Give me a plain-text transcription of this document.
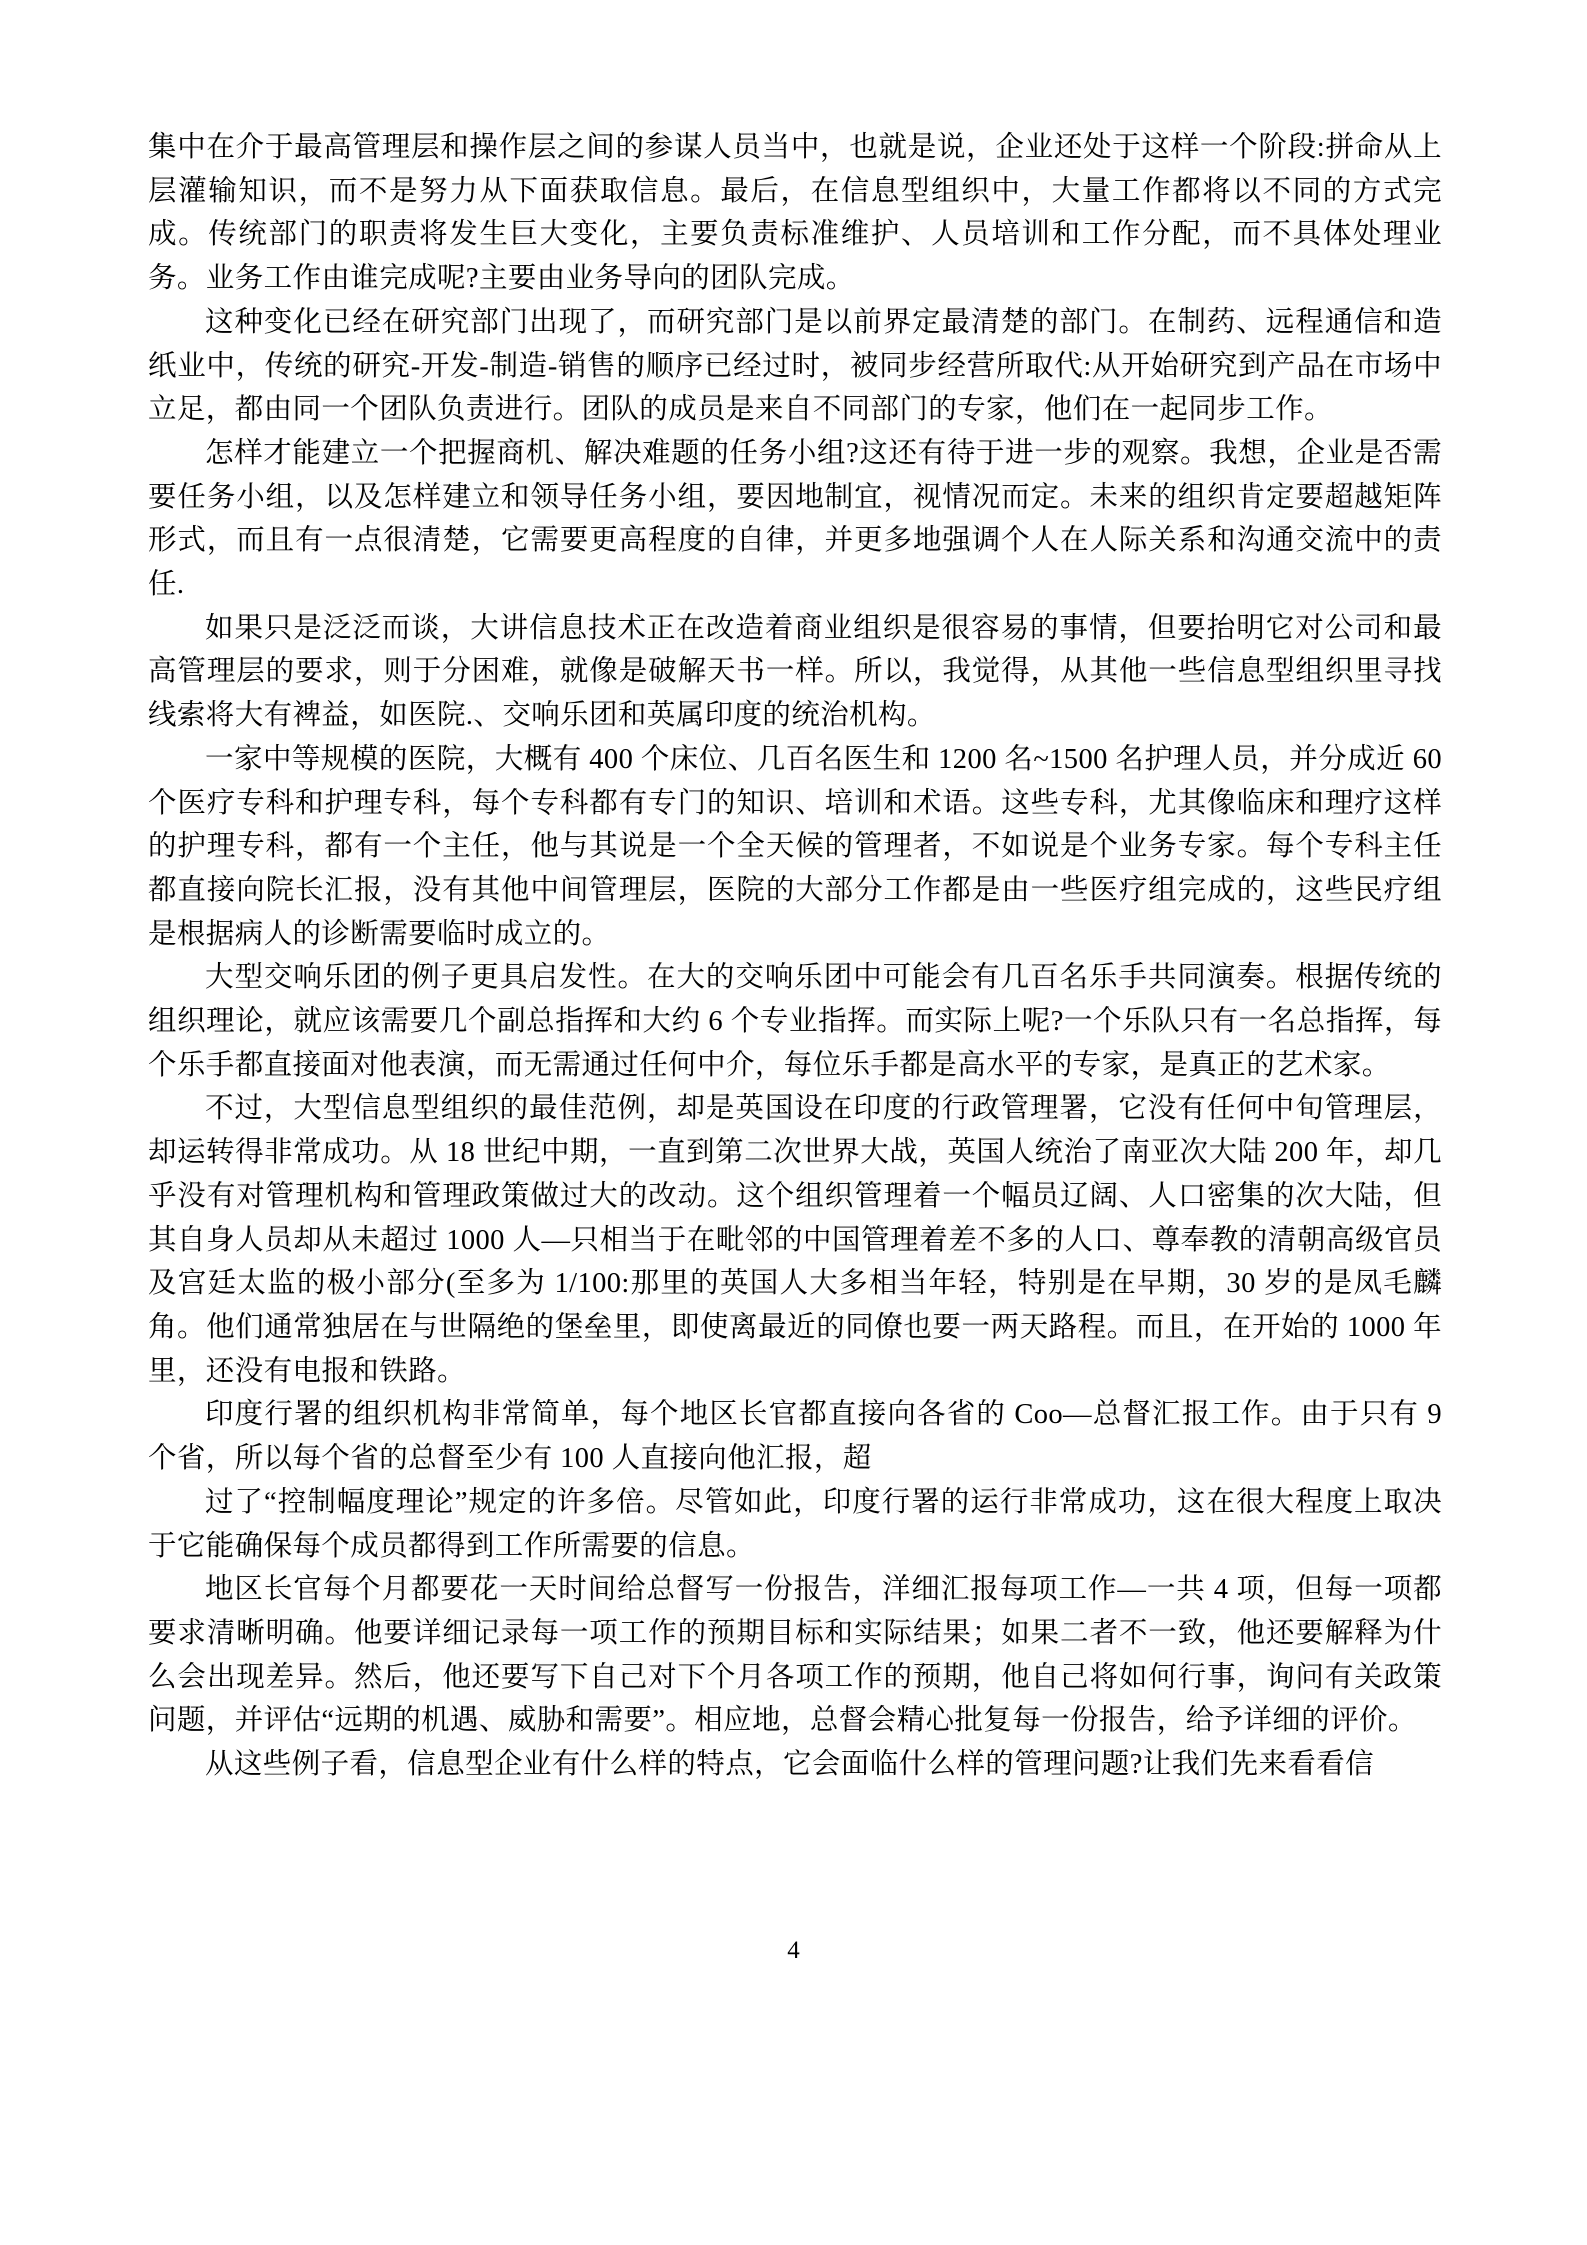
集中在介于最高管理层和操作层之间的参谋人员当中，也就是说，企业还处于这样一个阶段:拼命从上层灌输知识，而不是努力从下面获取信息。最后，在信息型组织中，大量工作都将以不同的方式完成。传统部门的职责将发生巨大变化，主要负责标准维护、人员培训和工作分配，而不具体处理业务。业务工作由谁完成呢?主要由业务导向的团队完成。

这种变化已经在研究部门出现了，而研究部门是以前界定最清楚的部门。在制药、远程通信和造纸业中，传统的研究-开发-制造-销售的顺序已经过时，被同步经营所取代:从开始研究到产品在市场中立足，都由同一个团队负责进行。团队的成员是来自不同部门的专家，他们在一起同步工作。

怎样才能建立一个把握商机、解决难题的任务小组?这还有待于进一步的观察。我想，企业是否需要任务小组，以及怎样建立和领导任务小组，要因地制宜，视情况而定。未来的组织肯定要超越矩阵形式，而且有一点很清楚，它需要更高程度的自律，并更多地强调个人在人际关系和沟通交流中的责任.

如果只是泛泛而谈，大讲信息技术正在改造着商业组织是很容易的事情，但要抬明它对公司和最高管理层的要求，则于分困难，就像是破解天书一样。所以，我觉得，从其他一些信息型组织里寻找线索将大有裨益，如医院.、交响乐团和英属印度的统治机构。

一家中等规模的医院，大概有 400 个床位、几百名医生和 1200 名~1500 名护理人员，并分成近 60 个医疗专科和护理专科，每个专科都有专门的知识、培训和术语。这些专科，尤其像临床和理疗这样的护理专科，都有一个主任，他与其说是一个全天候的管理者，不如说是个业务专家。每个专科主任都直接向院长汇报，没有其他中间管理层，医院的大部分工作都是由一些医疗组完成的，这些民疗组是根据病人的诊断需要临时成立的。

大型交响乐团的例子更具启发性。在大的交响乐团中可能会有几百名乐手共同演奏。根据传统的组织理论，就应该需要几个副总指挥和大约 6 个专业指挥。而实际上呢?一个乐队只有一名总指挥，每个乐手都直接面对他表演，而无需通过任何中介，每位乐手都是高水平的专家，是真正的艺术家。

不过，大型信息型组织的最佳范例，却是英国设在印度的行政管理署，它没有任何中旬管理层，却运转得非常成功。从 18 世纪中期，一直到第二次世界大战，英国人统治了南亚次大陆 200 年，却几乎没有对管理机构和管理政策做过大的改动。这个组织管理着一个幅员辽阔、人口密集的次大陆，但其自身人员却从未超过 1000 人—只相当于在毗邻的中国管理着差不多的人口、尊奉教的清朝高级官员及宫廷太监的极小部分(至多为 1/100:那里的英国人大多相当年轻，特别是在早期，30 岁的是凤毛麟角。他们通常独居在与世隔绝的堡垒里，即使离最近的同僚也要一两天路程。而且，在开始的 1000 年里，还没有电报和铁路。

印度行署的组织机构非常简单，每个地区长官都直接向各省的 Coo—总督汇报工作。由于只有 9 个省，所以每个省的总督至少有 100 人直接向他汇报，超

过了“控制幅度理论”规定的许多倍。尽管如此，印度行署的运行非常成功，这在很大程度上取决于它能确保每个成员都得到工作所需要的信息。

地区长官每个月都要花一天时间给总督写一份报告，洋细汇报每项工作—一共 4 项，但每一项都要求清晰明确。他要详细记录每一项工作的预期目标和实际结果；如果二者不一致，他还要解释为什么会出现差异。然后，他还要写下自己对下个月各项工作的预期，他自己将如何行事，询问有关政策问题，并评估“远期的机遇、威胁和需要”。相应地，总督会精心批复每一份报告，给予详细的评价。

从这些例子看，信息型企业有什么样的特点，它会面临什么样的管理问题?让我们先来看看信

4
